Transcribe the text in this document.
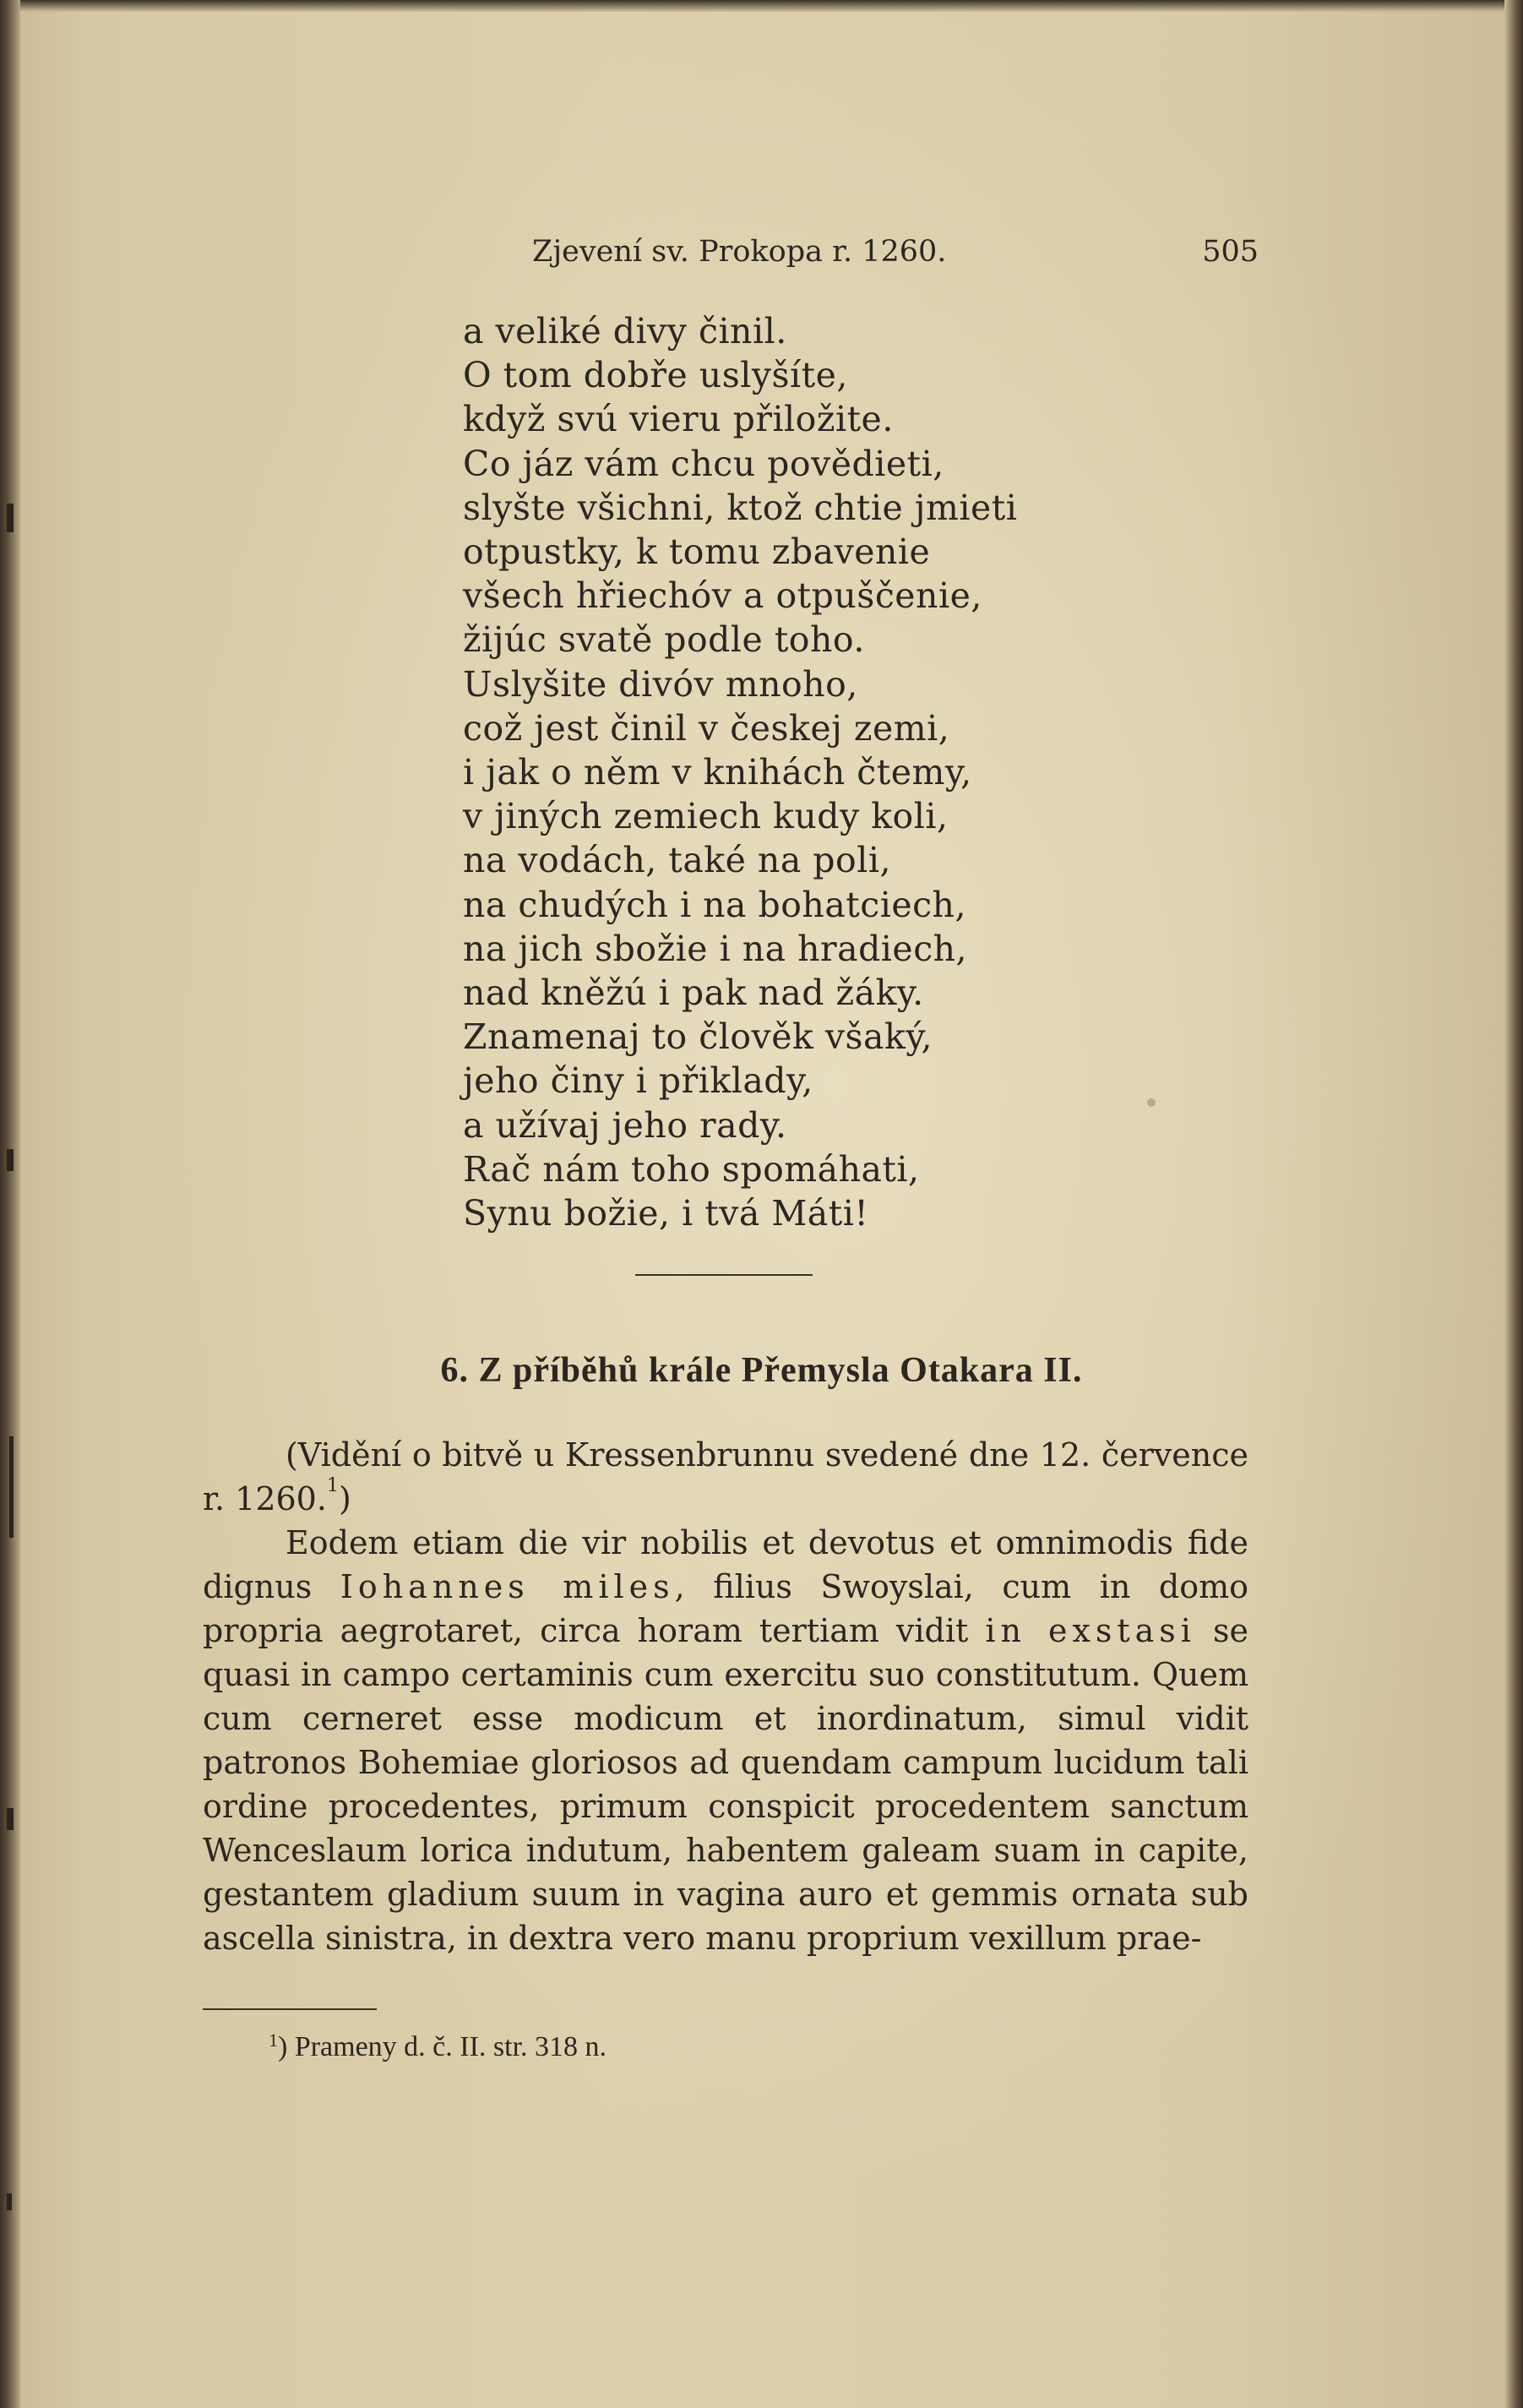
Zjevení sv. Prokopa r. 1260.	505
a veliké divy činil.
O tom dobře uslyšíte,
když svú vieru přiložite.
Co jáz vám chcu povědieti,
slyšte všichni, ktož chtie jmieti
otpustky, k tomu zbavenie
všech hřiechóv a otpuščenie,
žijúc svatě podle toho.
Uslyšite divóv mnoho,
což jest činil v českej zemi,
i jak o něm v knihách čtemy,
v jiných zemiech kudy koli,
na vodách, také na poli,
na chudých i na bohatciech,
na jich sbožie i na hradiech,
nad kněžú i pak nad žáky.
Znamenaj to člověk všaký,
jeho činy i přiklady,
a užívaj jeho rady.
Rač nám toho spomáhati,
Synu božie, i tvá Máti!
6. Z příběhů krále Přemysla Otakara II.

(Vidění o bitvě u Kressenbrunnu svedené dne 12. července r. 1260.$^1$)

Eodem etiam die vir nobilis et devotus et omnimodis fide dignus Iohannes miles, filius Swoyslai, cum in domo propria aegrotaret, circa horam tertiam vidit in exstasi se quasi in campo certaminis cum exercitu suo constitutum. Quem cum cerneret esse modicum et inordinatum, simul vidit patronos Bohemiae gloriosos ad quendam campum lucidum tali ordine procedentes, primum conspicit procedentem sanctum Wenceslaum lorica indutum, habentem galeam suam in capite, gestantem gladium suum in vagina auro et gemmis ornata sub ascella sinistra, in dextra vero manu proprium vexillum prae-

$^1$) Prameny d. č. II. str. 318 n.
